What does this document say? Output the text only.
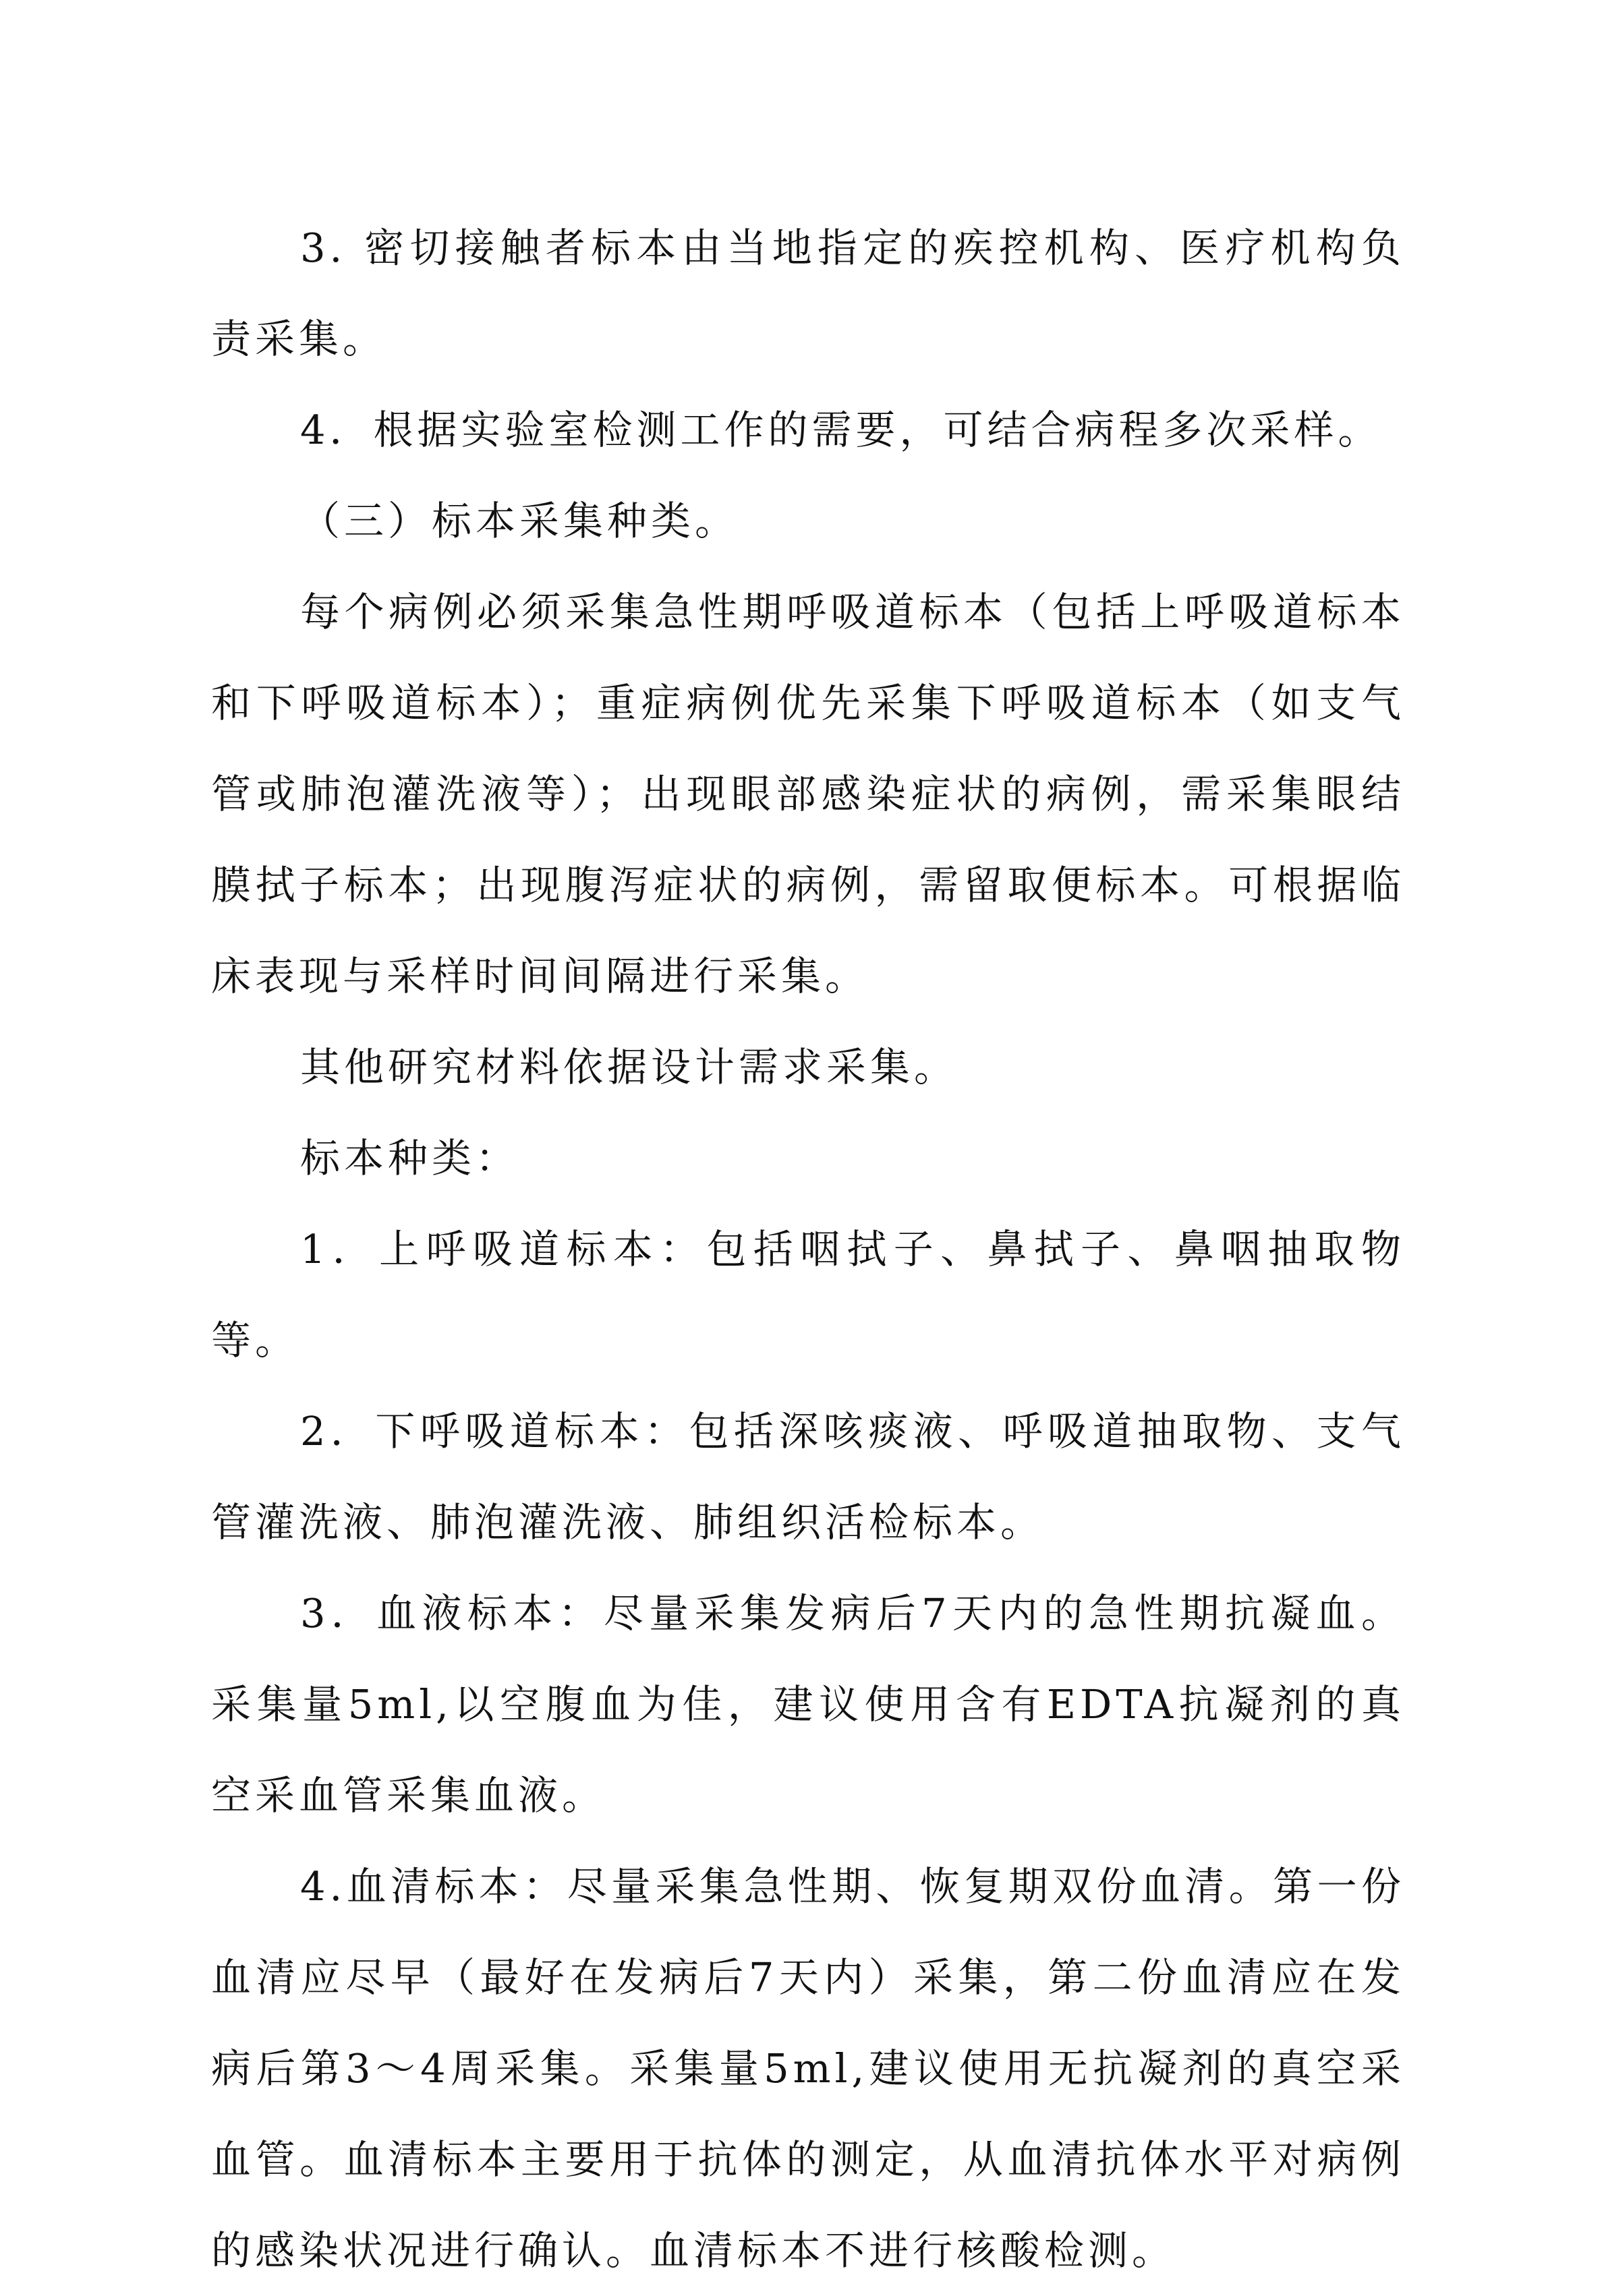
3. 密切接触者标本由当地指定的疾控机构、医疗机构负责采集。

4．根据实验室检测工作的需要，可结合病程多次采样。

（三）标本采集种类。

每个病例必须采集急性期呼吸道标本（包括上呼吸道标本和下呼吸道标本）；重症病例优先采集下呼吸道标本（如支气管或肺泡灌洗液等）；出现眼部感染症状的病例，需采集眼结膜拭子标本；出现腹泻症状的病例，需留取便标本。可根据临床表现与采样时间间隔进行采集。

其他研究材料依据设计需求采集。

标本种类：

1．上呼吸道标本：包括咽拭子、鼻拭子、鼻咽抽取物等。

2．下呼吸道标本：包括深咳痰液、呼吸道抽取物、支气管灌洗液、肺泡灌洗液、肺组织活检标本。

3．血液标本：尽量采集发病后7天内的急性期抗凝血。采集量5ml,以空腹血为佳，建议使用含有EDTA抗凝剂的真空采血管采集血液。

4.血清标本：尽量采集急性期、恢复期双份血清。第一份血清应尽早（最好在发病后7天内）采集，第二份血清应在发病后第3～4周采集。采集量5ml,建议使用无抗凝剂的真空采血管。血清标本主要用于抗体的测定，从血清抗体水平对病例的感染状况进行确认。血清标本不进行核酸检测。
